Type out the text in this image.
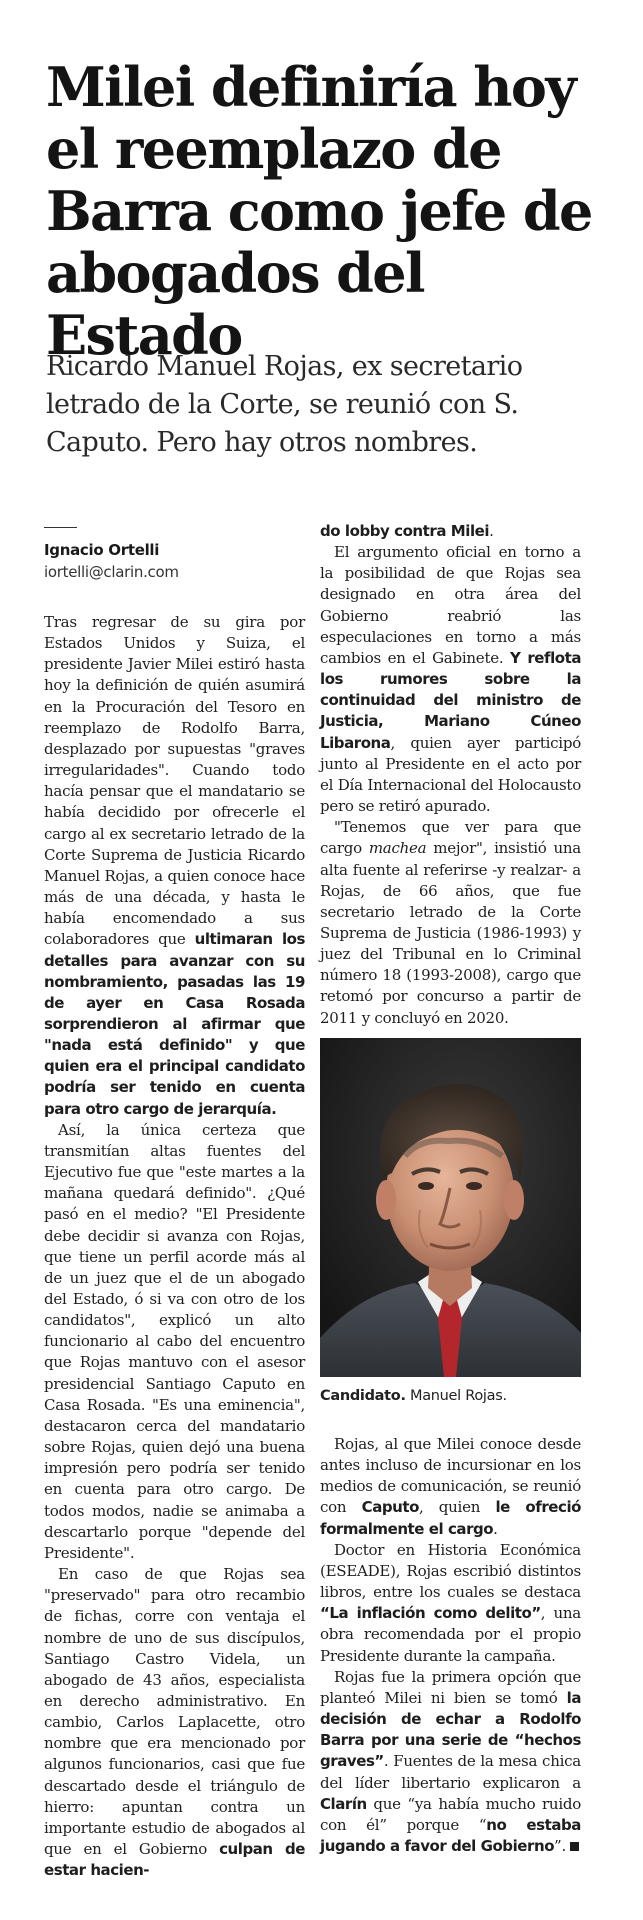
Milei definiría hoy el reemplazo de Barra como jefe de abogados del Estado
Ricardo Manuel Rojas, ex secretario letrado de la Corte, se reunió con S. Caputo. Pero hay otros nombres.
Ignacio Ortelli
iortelli@clarin.com

Tras regresar de su gira por Estados Unidos y Suiza, el presidente Javier Milei estiró hasta hoy la definición de quién asumirá en la Procuración del Tesoro en reemplazo de Rodolfo Barra, desplazado por supuestas "graves irregularidades". Cuando todo hacía pensar que el mandatario se había decidido por ofrecerle el cargo al ex secretario letrado de la Corte Suprema de Justicia Ricardo Manuel Rojas, a quien conoce hace más de una década, y hasta le había encomendado a sus colaboradores que ultimaran los detalles para avanzar con su nombramiento, pasadas las 19 de ayer en Casa Rosada sorprendieron al afirmar que "nada está definido" y que quien era el principal candidato podría ser tenido en cuenta para otro cargo de jerarquía.

Así, la única certeza que transmitían altas fuentes del Ejecutivo fue que "este martes a la mañana quedará definido". ¿Qué pasó en el medio? "El Presidente debe decidir si avanza con Rojas, que tiene un perfil acorde más al de un juez que el de un abogado del Estado, ó si va con otro de los candidatos", explicó un alto funcionario al cabo del encuentro que Rojas mantuvo con el asesor presidencial Santiago Caputo en Casa Rosada. "Es una eminencia", destacaron cerca del mandatario sobre Rojas, quien dejó una buena impresión pero podría ser tenido en cuenta para otro cargo. De todos modos, nadie se animaba a descartarlo porque "depende del Presidente".

En caso de que Rojas sea "preservado" para otro recambio de fichas, corre con ventaja el nombre de uno de sus discípulos, Santiago Castro Videla, un abogado de 43 años, especialista en derecho administrativo. En cambio, Carlos Laplacette, otro nombre que era mencionado por algunos funcionarios, casi que fue descartado desde el triángulo de hierro: apuntan contra un importante estudio de abogados al que en el Gobierno culpan de estar hacien-

do lobby contra Milei.

El argumento oficial en torno a la posibilidad de que Rojas sea designado en otra área del Gobierno reabrió las especulaciones en torno a más cambios en el Gabinete. Y reflota los rumores sobre la continuidad del ministro de Justicia, Mariano Cúneo Libarona, quien ayer participó junto al Presidente en el acto por el Día Internacional del Holocausto pero se retiró apurado.

"Tenemos que ver para que cargo machea mejor", insistió una alta fuente al referirse -y realzar- a Rojas, de 66 años, que fue secretario letrado de la Corte Suprema de Justicia (1986-1993) y juez del Tribunal en lo Criminal número 18 (1993-2008), cargo que retomó por concurso a partir de 2011 y concluyó en 2020.

Candidato. Manuel Rojas.

Rojas, al que Milei conoce desde antes incluso de incursionar en los medios de comunicación, se reunió con Caputo, quien le ofreció formalmente el cargo.

Doctor en Historia Económica (ESEADE), Rojas escribió distintos libros, entre los cuales se destaca “La inflación como delito”, una obra recomendada por el propio Presidente durante la campaña.

Rojas fue la primera opción que planteó Milei ni bien se tomó la decisión de echar a Rodolfo Barra por una serie de “hechos graves”. Fuentes de la mesa chica del líder libertario explicaron a Clarín que “ya había mucho ruido con él” porque “no estaba jugando a favor del Gobierno”.
